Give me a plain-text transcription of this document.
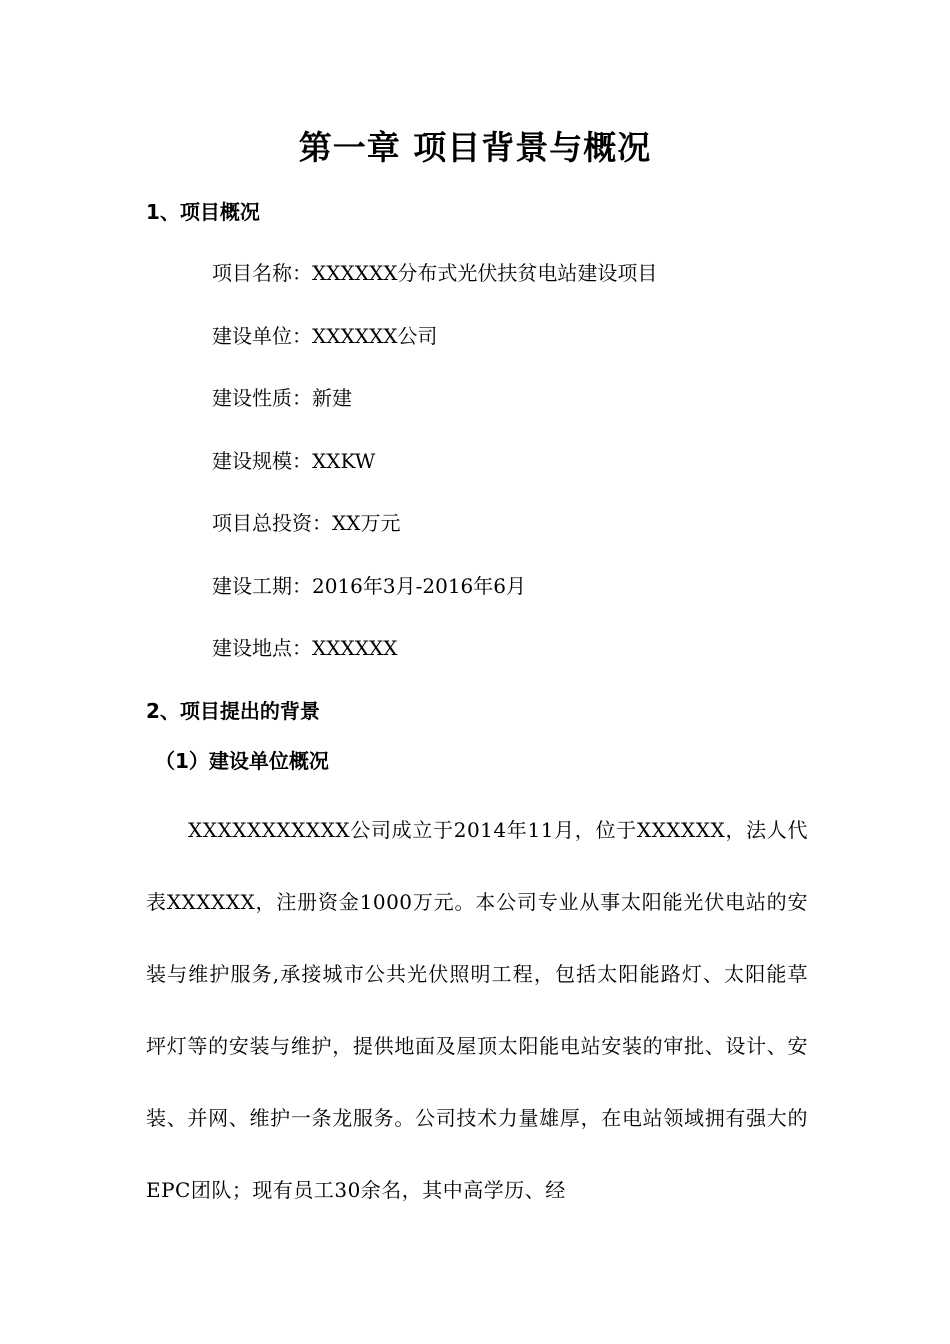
第一章 项目背景与概况
1、项目概况
项目名称：XXXXXX分布式光伏扶贫电站建设项目
建设单位：XXXXXX公司
建设性质：新建
建设规模：XXKW
项目总投资：XX万元
建设工期：2016年3月-2016年6月
建设地点：XXXXXX
2、项目提出的背景
（1）建设单位概况

XXXXXXXXXXX公司成立于2014年11月，位于XXXXXX，法人代表XXXXXX，注册资金1000万元。本公司专业从事太阳能光伏电站的安装与维护服务,承接城市公共光伏照明工程，包括太阳能路灯、太阳能草坪灯等的安装与维护，提供地面及屋顶太阳能电站安装的审批、设计、安装、并网、维护一条龙服务。公司技术力量雄厚，在电站领域拥有强大的EPC团队；现有员工30余名，其中高学历、经
